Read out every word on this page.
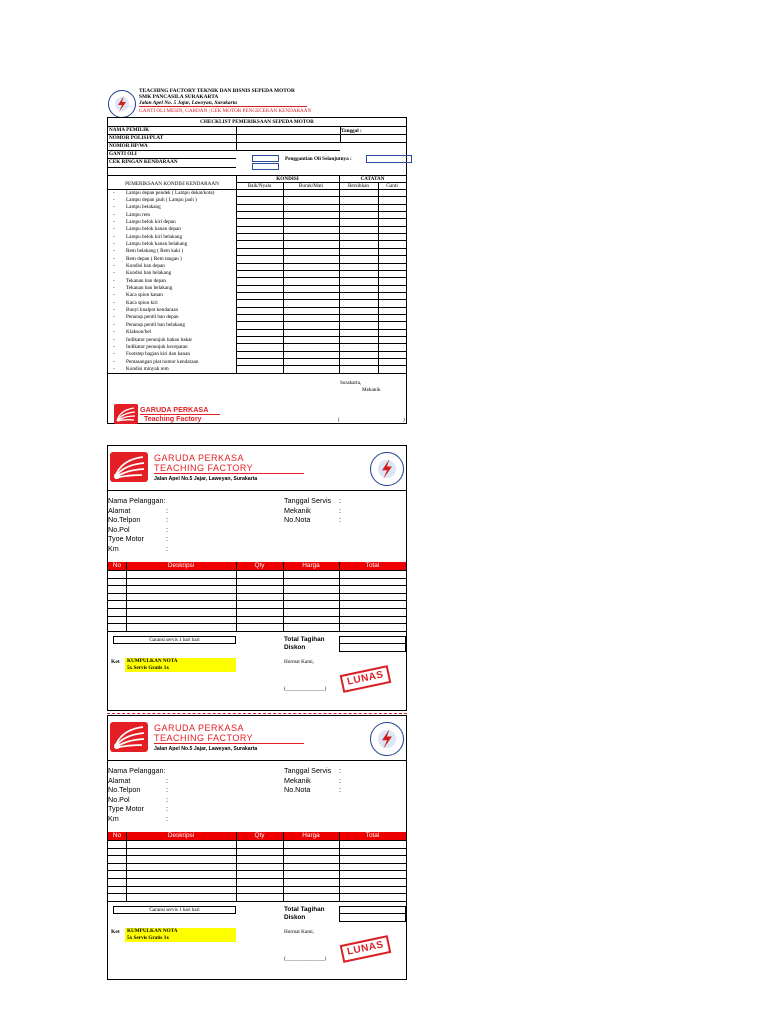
TEACHING FACTORY TEKNIK DAN BISNIS SEPEDA MOTOR
SMK PANCASILA SURAKARTA
Jalan Apel No. 5 Jajar, Laweyan, Surakarta
GANTI OLI MESIN, GARDAN | CEK MOTOR PENGECEKAN KENDARAAN
CHECKLIST PEMERIKSAAN SEPEDA MOTOR
NAMA PEMILIK
NOMOR POLISI/PLAT
NOMOR HP/WA
GANTI OLI
CEK RINGAN KENDARAAN
Tanggal :
Penggantian Oli Selanjutnya :
PEMERIKSAAN KONDISI KENDARAAN
KONDISI	CATATAN
Baik/Nyala	Buruk/Mati	Bersihkan	Ganti
- Lampu depan pendek ( Lampu dekat/kota)
- Lampu depan jauh ( Lampu jauh )
- Lampu belakang
- Lampu rem
- Lampu belok kiri depan
- Lampu belok kanan depan
- Lampu belok kiri belakang
- Lampu belok kanan belakang
- Rem belakang ( Rem kaki )
- Rem depan ( Rem tangan )
- Kondisi ban depan
- Kondisi ban belakang
- Tekanan ban depan
- Tekanan ban belakang
- Kaca spion kanan
- Kaca spion kiri
- Bunyi knalpot kendaraan
- Penutup pentil ban depan
- Penutup pentil ban belakang
- Klakson/bel
- Indikator penunjuk bahan bakar
- Indikator penunjuk kecepatan
- Footstep bagian kiri dan kanan
- Pemasangan plat nomor kendaraan
- Kondisi minyak rem
Surakarta,
Mekanik
(	)
GARUDA PERKASA
Teaching Factory
GARUDA PERKASA
TEACHING FACTORY
Jalan Apel No.5 Jajar, Laweyan, Surakarta
Nama Pelanggan:
Alamat	:
No.Telpon	:
No.Pol	:
Tyoe Motor	:
Km	:
Tanggal Servis :
Mekanik	:
No.Nota	:
No	Deskripsi	Qty	Harga	Total
Garansi servis 1 hari hari	Total Tagihan
Diskon
Ket	KUMPULKAN NOTA
5x Servis Gratis 1x
Hormat Kami,
(_______________)
LUNAS
GARUDA PERKASA
TEACHING FACTORY
Jalan Apel No.5 Jajar, Laweyan, Surakarta
Nama Pelanggan:
Alamat	:
No.Telpon	:
No.Pol	:
Type Motor	:
Km	:
Tanggal Servis :
Mekanik	:
No.Nota	:
No	Deskripsi	Qty	Harga	Total
Garansi servis 1 hari hari	Total Tagihan
Diskon
Ket	KUMPULKAN NOTA
5x Servis Gratis 1x
Hormat Kami,
(_______________)
LUNAS
